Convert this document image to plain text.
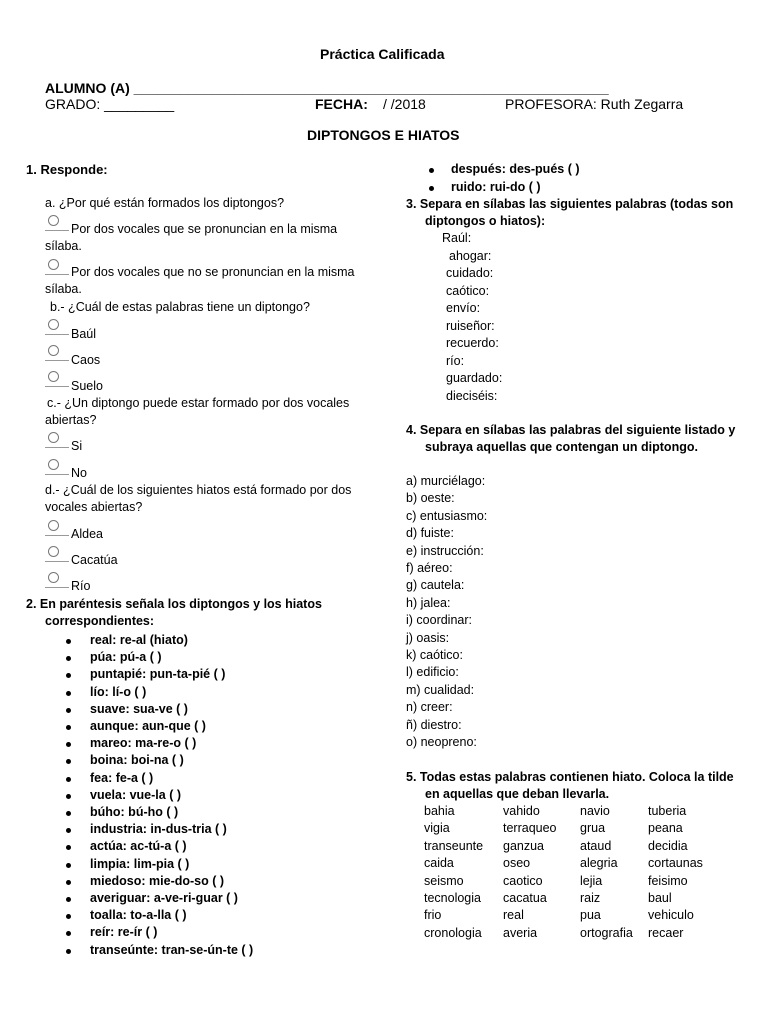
Práctica Calificada
ALUMNO (A) _____________________________________________________________
GRADO: _________	FECHA: / /2018	PROFESORA: Ruth Zegarra
DIPTONGOS E HIATOS
1. Responde:
a. ¿Por qué están formados los diptongos?
Por dos vocales que se pronuncian en la misma
sílaba.
Por dos vocales que no se pronuncian en la misma
sílaba.
b.- ¿Cuál de estas palabras tiene un diptongo?
Baúl
Caos
Suelo
c.- ¿Un diptongo puede estar formado por dos vocales
abiertas?
Si
No
d.- ¿Cuál de los siguientes hiatos está formado por dos
vocales abiertas?
Aldea
Cacatúa
Río
2. En paréntesis señala los diptongos y los hiatos
correspondientes:
real: re-al (hiato)
púa: pú-a ( )
puntapié: pun-ta-pié ( )
lío: lí-o ( )
suave: sua-ve ( )
aunque: aun-que ( )
mareo: ma-re-o ( )
boina: boi-na ( )
fea: fe-a ( )
vuela: vue-la ( )
búho: bú-ho ( )
industria: in-dus-tria ( )
actúa: ac-tú-a ( )
limpia: lim-pia ( )
miedoso: mie-do-so ( )
averiguar: a-ve-ri-guar ( )
toalla: to-a-lla ( )
reír: re-ír ( )
transeúnte: tran-se-ún-te ( )
después: des-pués ( )
ruido: rui-do ( )
3. Separa en sílabas las siguientes palabras (todas son
diptongos o hiatos):
Raúl:
ahogar:
cuidado:
caótico:
envío:
ruiseñor:
recuerdo:
río:
guardado:
dieciséis:
4. Separa en sílabas las palabras del siguiente listado y
subraya aquellas que contengan un diptongo.
a) murciélago:
b) oeste:
c) entusiasmo:
d) fuiste:
e) instrucción:
f) aéreo:
g) cautela:
h) jalea:
i) coordinar:
j) oasis:
k) caótico:
l) edificio:
m) cualidad:
n) creer:
ñ) diestro:
o) neopreno:
5. Todas estas palabras contienen hiato. Coloca la tilde
en aquellas que deban llevarla.
bahia	vahido	navio	tuberia
vigia	terraqueo grua	peana
transeunte ganzua	ataud	decidia
caida	oseo	alegria cortaunas
seismo	caotico	lejia	feisimo
tecnologia cacatua	raiz	baul
frio	real	pua	vehiculo
cronologia averia	ortografia recaer
